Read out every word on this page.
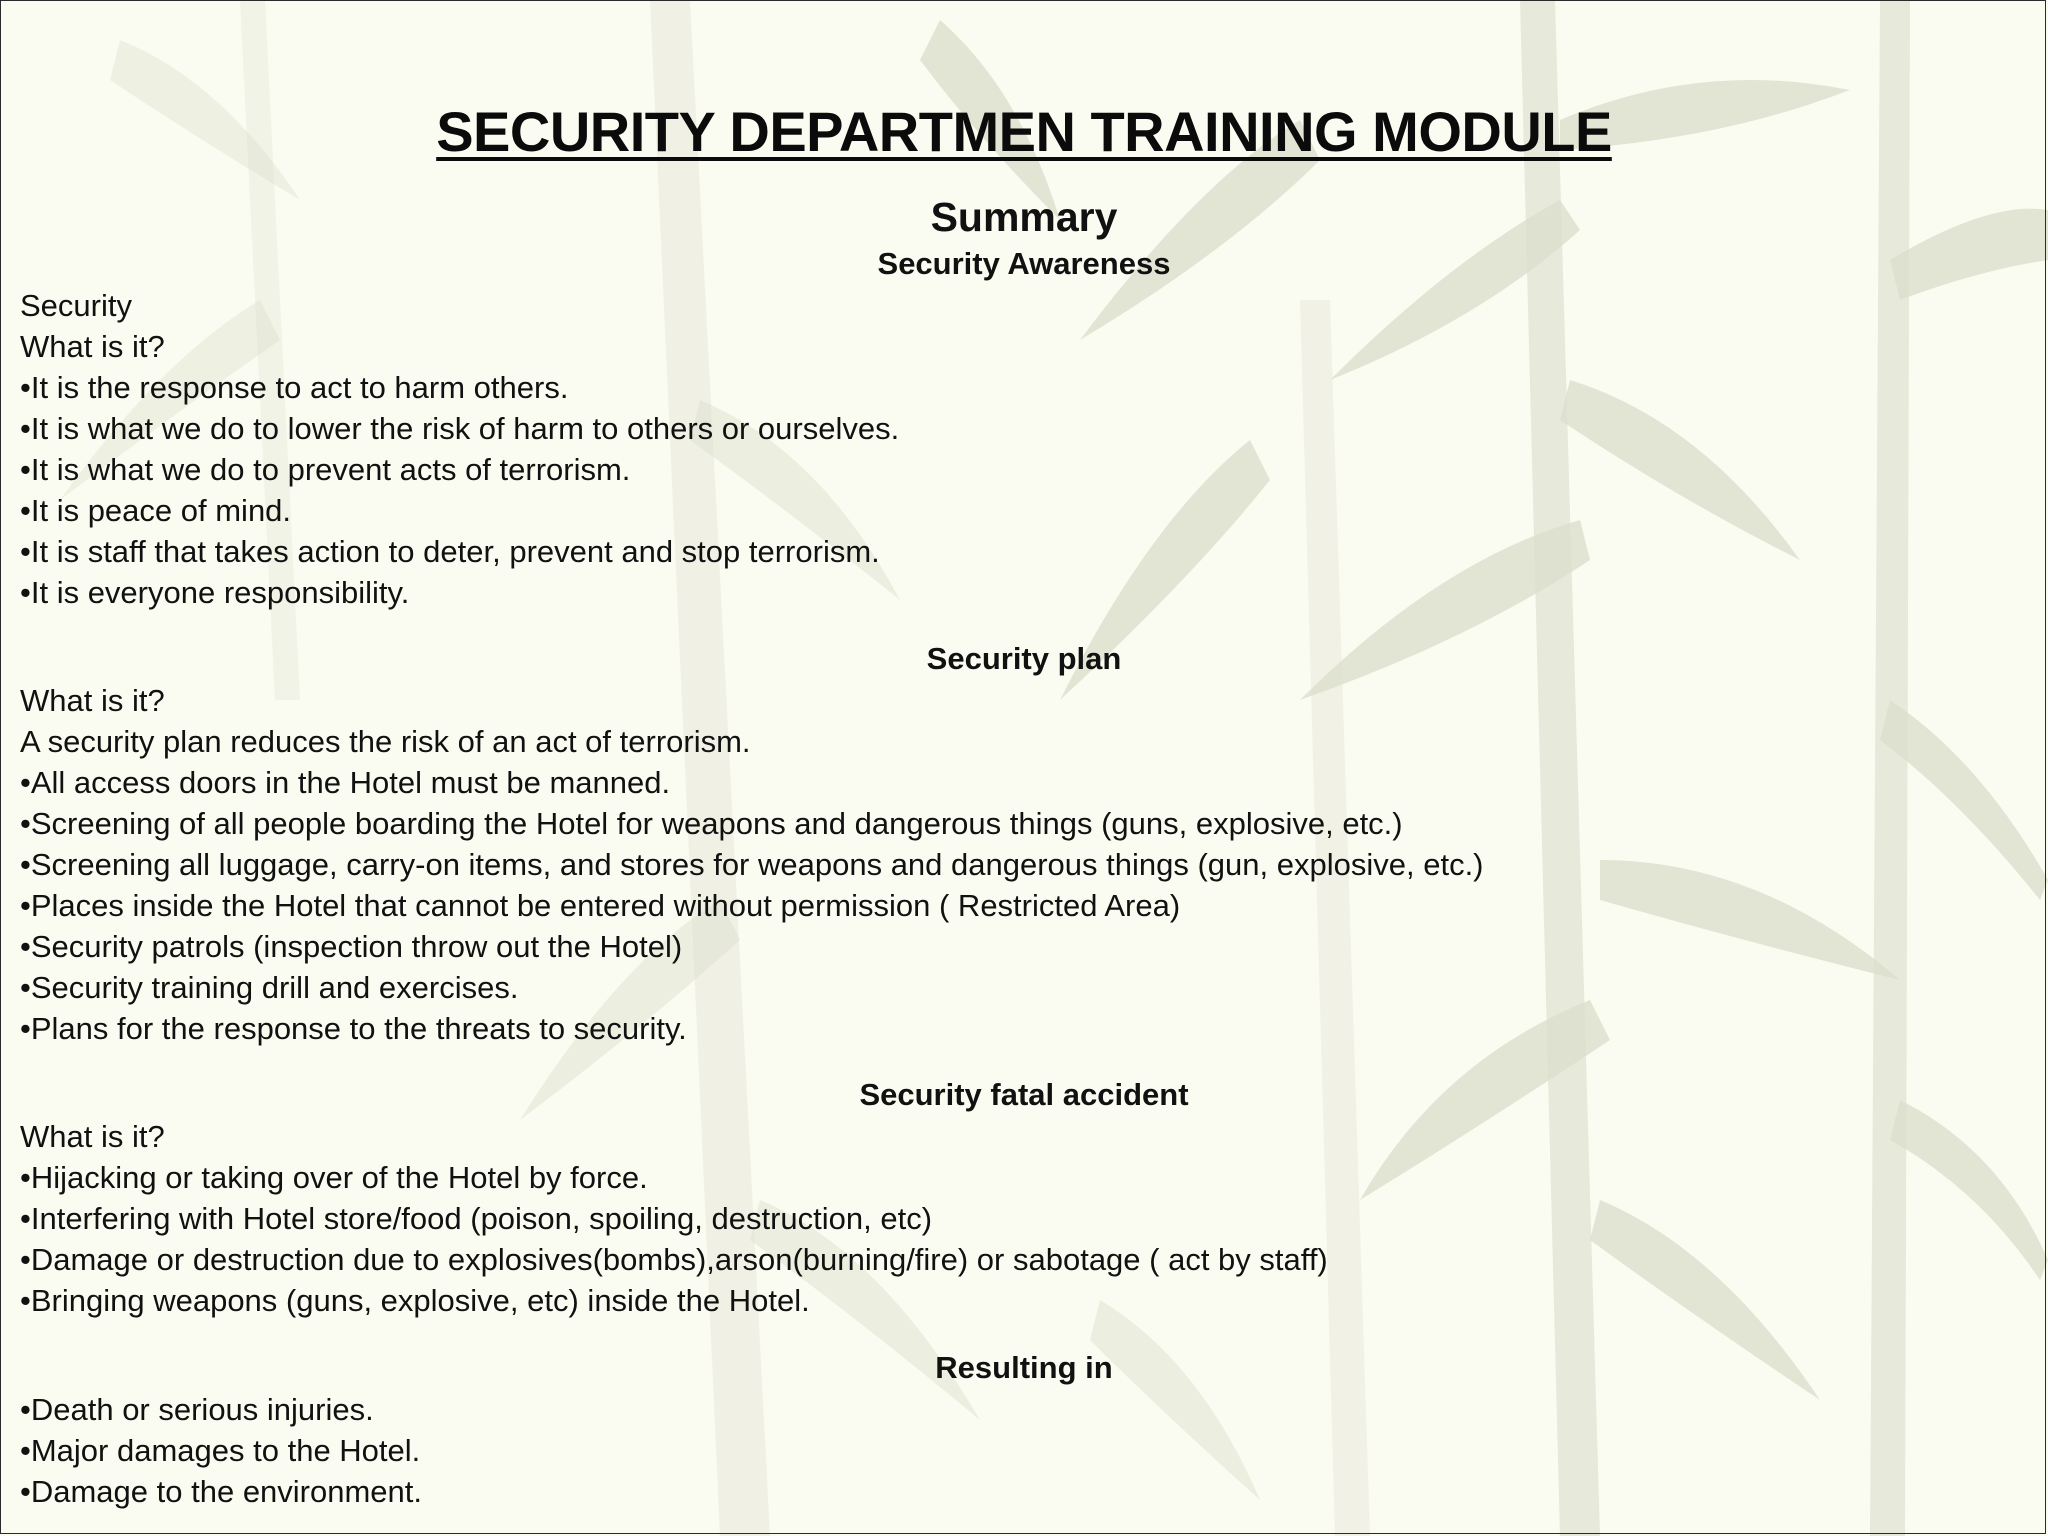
SECURITY DEPARTMEN TRAINING MODULE
Summary
Security Awareness
Security
What is it?
•It is the response to act to harm others.
•It is what we do to lower the risk of harm to others or ourselves.
•It is what we do to prevent acts of terrorism.
•It is peace of mind.
•It is staff that takes action to deter, prevent and stop terrorism.
•It is everyone responsibility.
Security plan
What is it?
A security plan reduces the risk of an act of terrorism.
•All access doors in the Hotel must be manned.
•Screening of all people boarding the Hotel for weapons and dangerous things (guns, explosive, etc.)
•Screening all luggage, carry-on items, and stores for weapons and dangerous things (gun, explosive, etc.)
•Places inside the Hotel that cannot be entered without permission ( Restricted Area)
•Security patrols (inspection throw out the Hotel)
•Security training drill and exercises.
•Plans for the response to the threats to security.
Security fatal accident
What is it?
•Hijacking or taking over of the Hotel by force.
•Interfering with Hotel store/food (poison, spoiling, destruction, etc)
•Damage or destruction due to explosives(bombs),arson(burning/fire) or sabotage ( act by staff)
•Bringing weapons (guns, explosive, etc) inside the Hotel.
Resulting in
•Death or serious injuries.
•Major damages to the Hotel.
•Damage to the environment.
